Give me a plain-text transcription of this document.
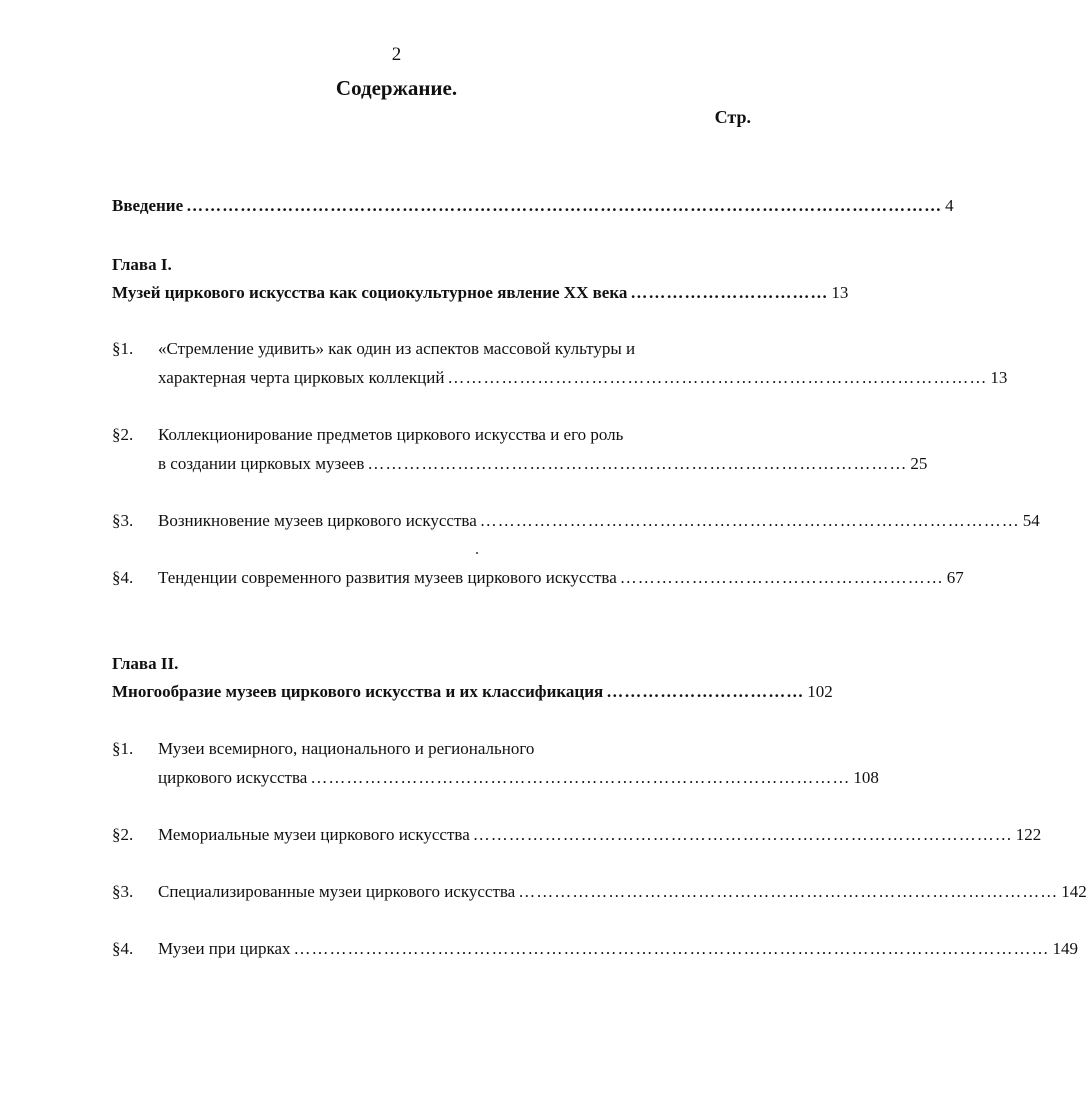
2
Содержание.
Стр.
Введение ……………………………………………………………………………………………………………… 4
Глава I.
Музей циркового искусства как социокультурное явление XX века …………………………… 13
§1. «Стремление удивить» как один из аспектов массовой культуры и
характерная черта цирковых коллекций ……………………………………………………………………………… 13
§2. Коллекционирование предметов циркового искусства и его роль
в создании цирковых музеев ……………………………………………………………………………… 25
§3. Возникновение музеев циркового искусства ……………………………………………………………………………… 54
§4. Тенденции современного развития музеев циркового искусства ……………………………………………… 67
Глава II.
Многообразие музеев циркового искусства и их классификация …………………………… 102
§1. Музеи всемирного, национального и регионального
циркового искусства ……………………………………………………………………………… 108
§2. Мемориальные музеи циркового искусства ……………………………………………………………………………… 122
§3. Специализированные музеи циркового искусства ……………………………………………………………………………… 142
§4. Музеи при цирках ……………………………………………………………………………………………………………… 149
